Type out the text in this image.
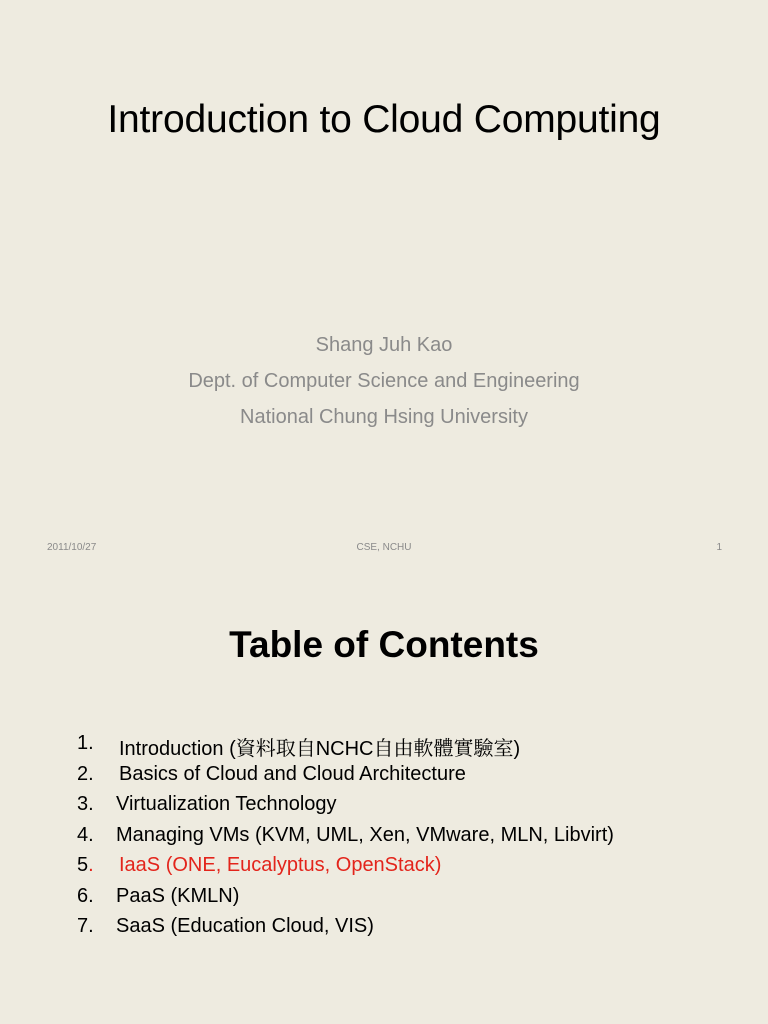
Introduction to Cloud Computing
Shang Juh Kao
Dept. of Computer Science and Engineering
National Chung Hsing University
CSE, NCHU
2011/10/27	1
Table of Contents
1. Introduction (資料取自NCHC自由軟體實驗室)
2. Basics of Cloud and Cloud Architecture
3. Virtualization Technology
4. Managing VMs (KVM, UML, Xen, VMware, MLN, Libvirt)
5. IaaS (ONE, Eucalyptus, OpenStack)
6. PaaS (KMLN)
7. SaaS (Education Cloud, VIS)
